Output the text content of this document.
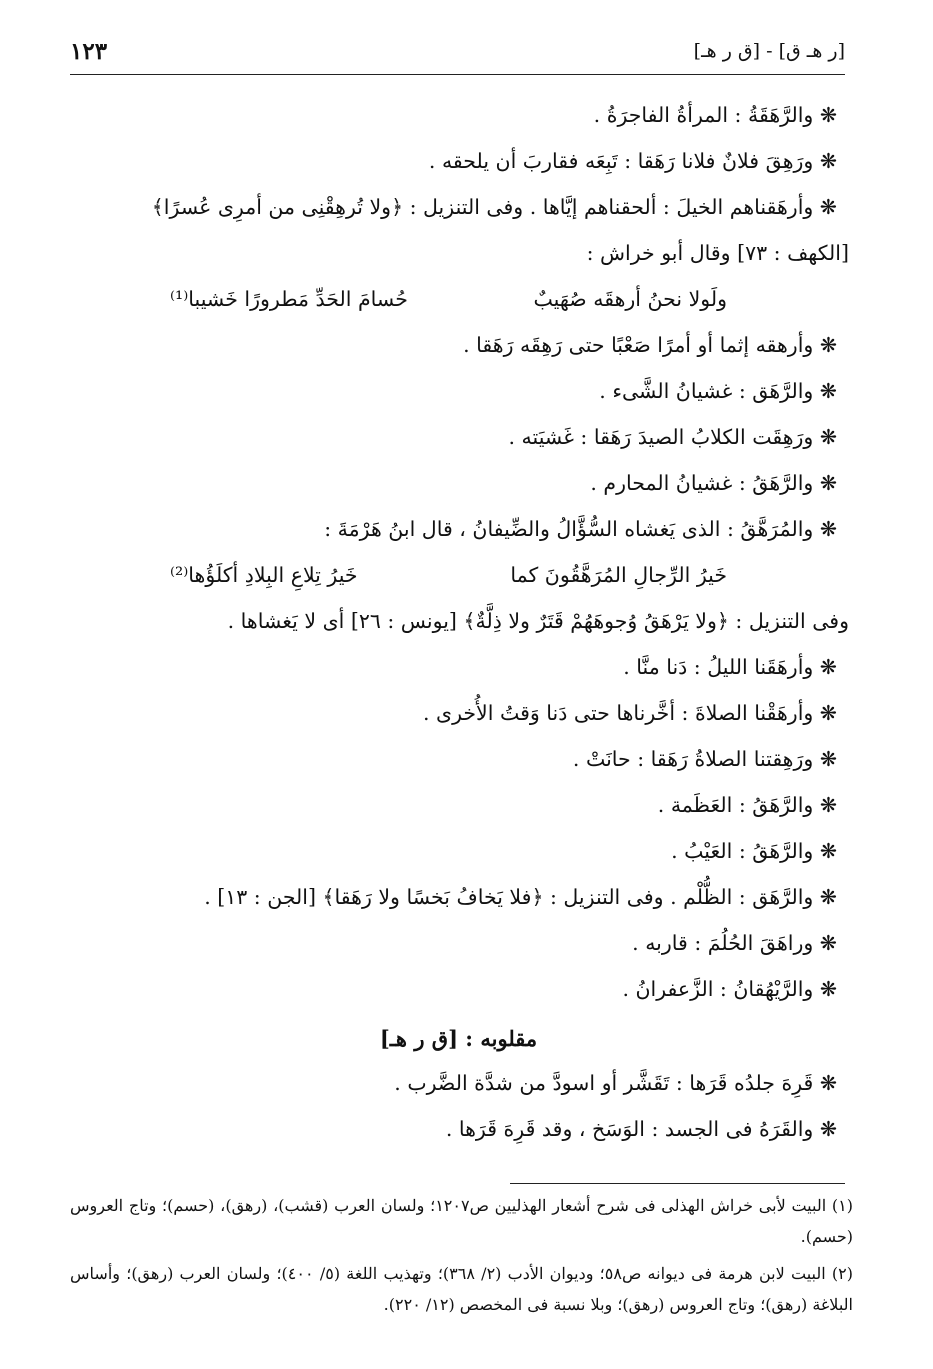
[ر هـ ق] - [ق ر هـ]
١٢٣
❋ والرَّهَقَةُ : المرأةُ الفاجرَةُ .
❋ ورَهِقَ فلانٌ فلانا رَهَقا : تَبِعَه فقاربَ أن يلحقه .
❋ وأرهَقناهم الخيلَ : ألحقناهم إيَّاها . وفى التنزيل : ﴿ولا تُرهِقْنِى من أمرِى عُسرًا﴾
[الكهف : ٧٣] وقال أبو خراش :
ولَولا نحنُ أرهقَه صُهَيبٌ
حُسامَ الحَدِّ مَطرورًا خَشيبا⁽¹⁾
❋ وأرهقه إثما أو أمرًا صَعْبًا حتى رَهِقَه رَهَقا .
❋ والرَّهَق : غشيانُ الشَّىء .
❋ ورَهِقَت الكلابُ الصيدَ رَهَقا : غَشيَته .
❋ والرَّهَقُ : غشيانُ المحارم .
❋ والمُرَهَّقُ : الذى يَغشاه السُّؤَّالُ والضِّيفانُ ، قال ابنُ هَرْمَةَ :
خَيرُ الرِّجالِ المُرَهَّقُونَ كما
خَيرُ تِلاعِ البِلادِ أكلَؤُها⁽²⁾
وفى التنزيل : ﴿ولا يَرْهَقُ وُجوهَهُمْ قَتَرٌ ولا ذِلَّةٌ﴾ [يونس : ٢٦] أى لا يَغشاها .
❋ وأرهَقَنا الليلُ : دَنا منَّا .
❋ وأرهَقْنا الصلاةَ : أخَّرناها حتى دَنا وَقتُ الأُخرى .
❋ ورَهِقتنا الصلاةُ رَهَقا : حانَتْ .
❋ والرَّهَقُ : العَظَمة .
❋ والرَّهَقُ : العَيْبُ .
❋ والرَّهَق : الظُّلْم . وفى التنزيل : ﴿فلا يَخافُ بَخسًا ولا رَهَقا﴾ [الجن : ١٣] .
❋ وراهَقَ الحُلُمَ : قاربه .
❋ والرَّيْهُقانُ : الزَّعفرانُ .
مقلوبه : [ق ر هـ]
❋ قَرِهَ جلدُه قَرَها : تَقَشَّر أو اسودَّ من شدَّة الضَّرب .
❋ والقَرَهُ فى الجسد : الوَسَخ ، وقد قَرِهَ قَرَها .
(١) البيت لأبى خراش الهذلى فى شرح أشعار الهذليين ص١٢٠٧؛ ولسان العرب (قشب)، (رهق)، (حسم)؛ وتاج العروس (حسم).
(٢) البيت لابن هرمة فى ديوانه ص٥٨؛ وديوان الأدب (٢/ ٣٦٨)؛ وتهذيب اللغة (٥/ ٤٠٠)؛ ولسان العرب (رهق)؛ وأساس البلاغة (رهق)؛ وتاج العروس (رهق)؛ وبلا نسبة فى المخصص (١٢/ ٢٢٠).
